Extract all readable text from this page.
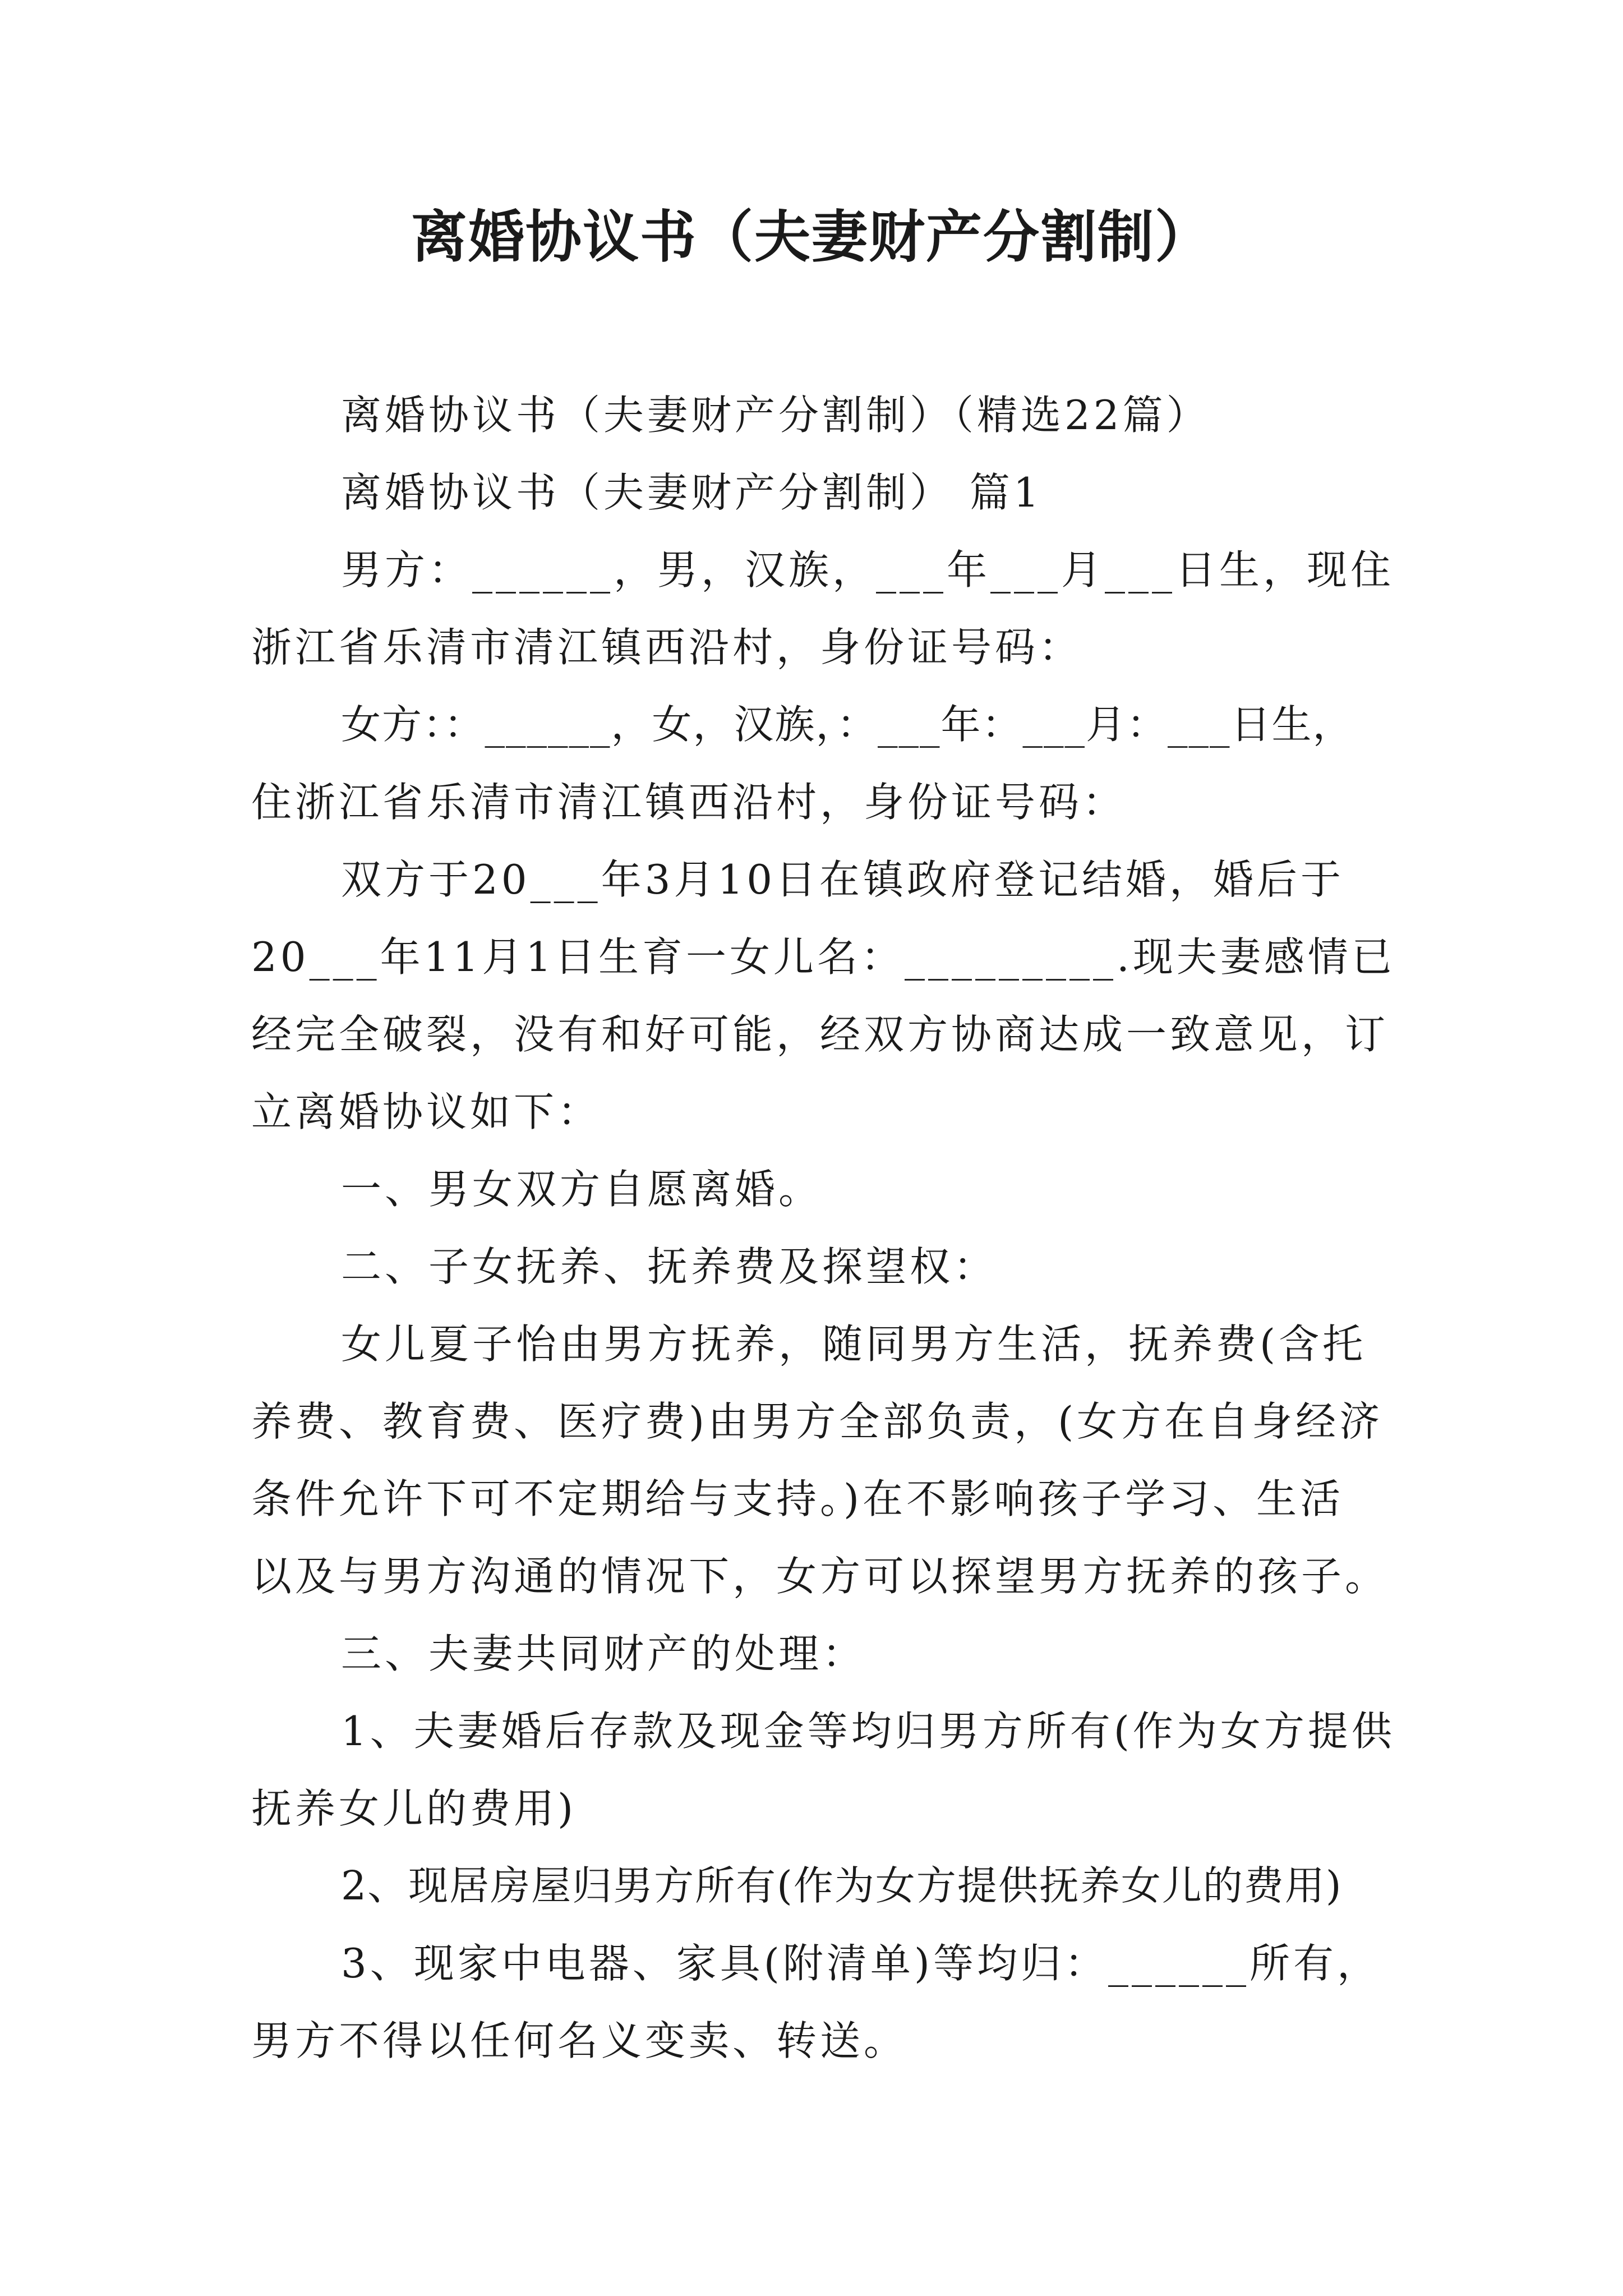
离婚协议书（夫妻财产分割制）

离婚协议书（夫妻财产分割制）（精选22篇）

离婚协议书（夫妻财产分割制） 篇1

男方：______，男，汉族，___年___月___日生，现住

浙江省乐清市清江镇西沿村，身份证号码：

女方：：______，女，汉族，：___年：___月：___日生，

住浙江省乐清市清江镇西沿村，身份证号码：

双方于20___年3月10日在镇政府登记结婚，婚后于

20___年11月1日生育一女儿名：_________.现夫妻感情已

经完全破裂，没有和好可能，经双方协商达成一致意见，订

立离婚协议如下：

一、男女双方自愿离婚。

二、子女抚养、抚养费及探望权：

女儿夏子怡由男方抚养，随同男方生活，抚养费(含托

养费、教育费、医疗费)由男方全部负责，(女方在自身经济

条件允许下可不定期给与支持。)在不影响孩子学习、生活

以及与男方沟通的情况下，女方可以探望男方抚养的孩子。

三、夫妻共同财产的处理：

1、夫妻婚后存款及现金等均归男方所有(作为女方提供

抚养女儿的费用)

2、现居房屋归男方所有(作为女方提供抚养女儿的费用)

3、现家中电器、家具(附清单)等均归：______所有，

男方不得以任何名义变卖、转送。
